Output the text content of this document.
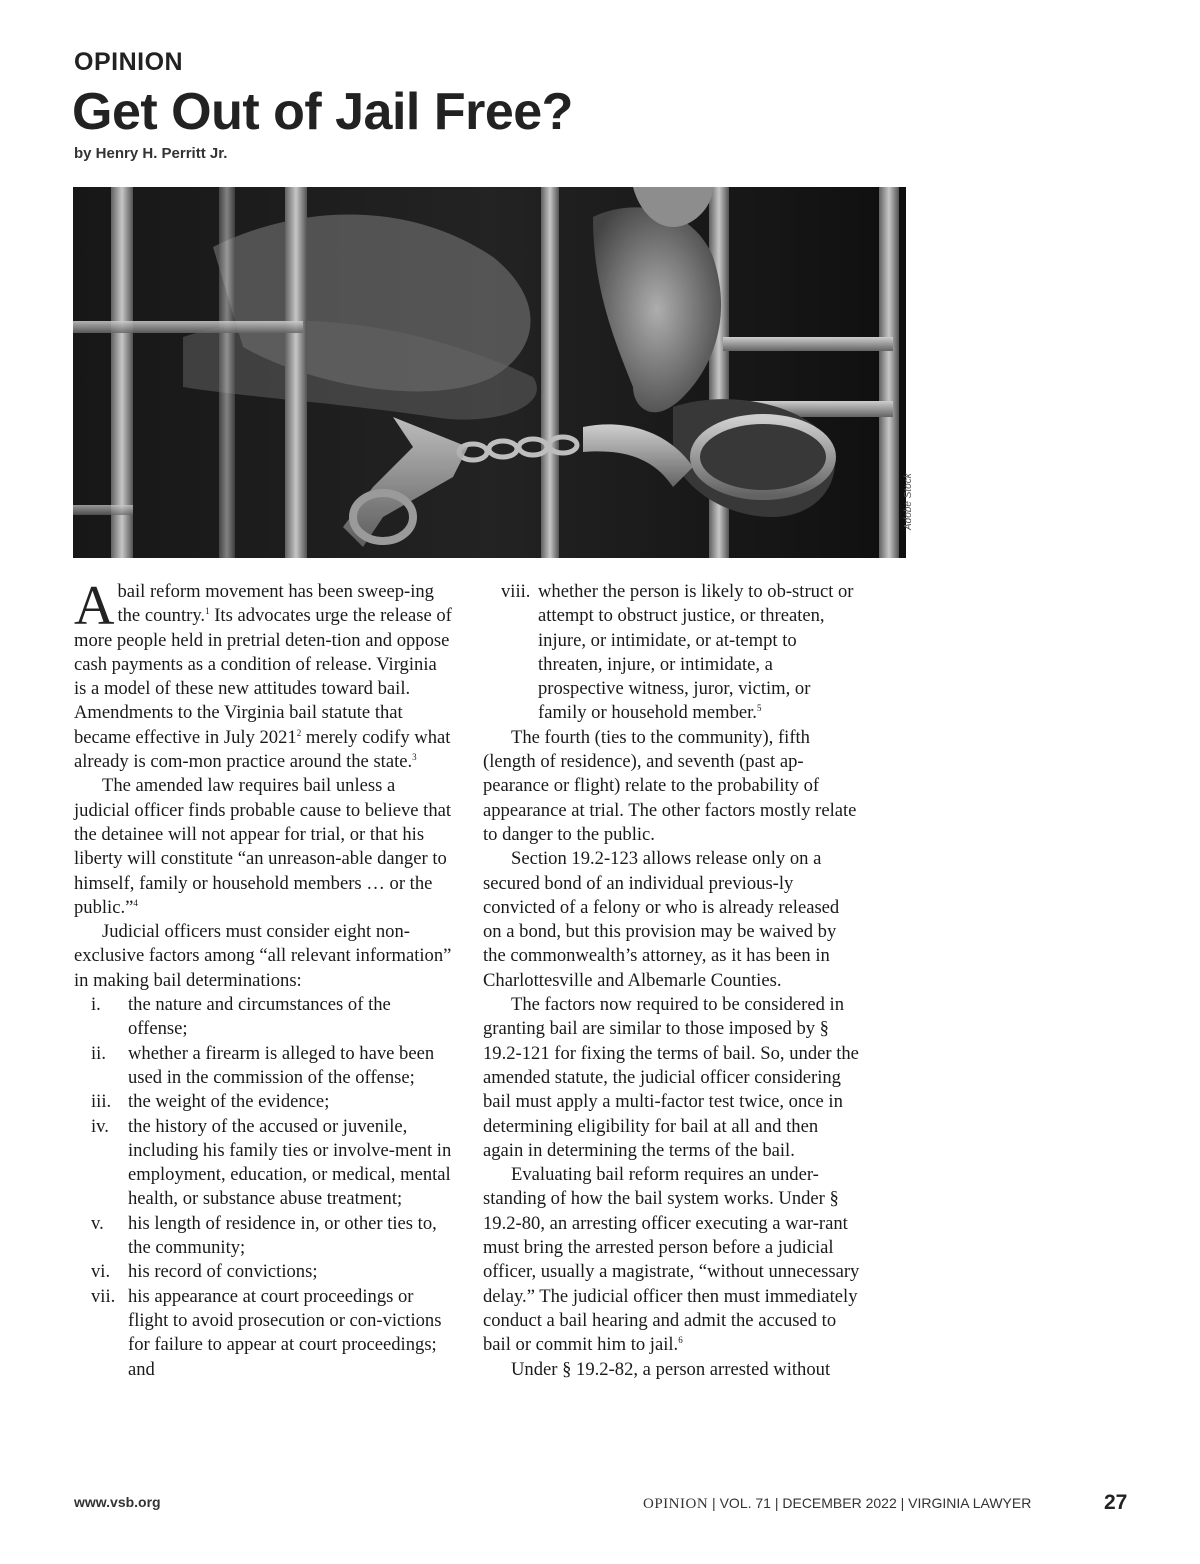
OPINION

Get Out of Jail Free?
by Henry H. Perritt Jr.
Adobe Stock

Abail reform movement has been sweep-ing the country.$^1$ Its advocates urge the release of more people held in pretrial deten-tion and oppose cash payments as a condition of release. Virginia is a model of these new attitudes toward bail. Amendments to the Virginia bail statute that became effective in July 2021$^2$ merely codify what already is com-mon practice around the state.$^3$

The amended law requires bail unless a judicial officer finds probable cause to believe that the detainee will not appear for trial, or that his liberty will constitute “an unreason-able danger to himself, family or household members … or the public.”$^4$

Judicial officers must consider eight non-exclusive factors among “all relevant information” in making bail determinations:

i. the nature and circumstances of the offense;
ii. whether a firearm is alleged to have been used in the commission of the offense;
iii. the weight of the evidence;
iv. the history of the accused or juvenile, including his family ties or involve-ment in employment, education, or medical, mental health, or substance abuse treatment;
v. his length of residence in, or other ties to, the community;
vi. his record of convictions;
vii. his appearance at court proceedings or flight to avoid prosecution or con-victions for failure to appear at court proceedings; and
viii. whether the person is likely to ob-struct or attempt to obstruct justice, or threaten, injure, or intimidate, or at-tempt to threaten, injure, or intimidate, a prospective witness, juror, victim, or family or household member.$^5$

The fourth (ties to the community), fifth (length of residence), and seventh (past ap-pearance or flight) relate to the probability of appearance at trial. The other factors mostly relate to danger to the public.

Section 19.2-123 allows release only on a secured bond of an individual previous-ly convicted of a felony or who is already released on a bond, but this provision may be waived by the commonwealth’s attorney, as it has been in Charlottesville and Albemarle Counties.

The factors now required to be considered in granting bail are similar to those imposed by § 19.2-121 for fixing the terms of bail. So, under the amended statute, the judicial officer considering bail must apply a multi-factor test twice, once in determining eligibility for bail at all and then again in determining the terms of the bail.

Evaluating bail reform requires an under-standing of how the bail system works. Under § 19.2-80, an arresting officer executing a war-rant must bring the arrested person before a judicial officer, usually a magistrate, “without unnecessary delay.” The judicial officer then must immediately conduct a bail hearing and admit the accused to bail or commit him to jail.$^6$

Under § 19.2-82, a person arrested without

www.vsb.org	OPINION | VOL. 71 | DECEMBER 2022 | VIRGINIA LAWYER	27
